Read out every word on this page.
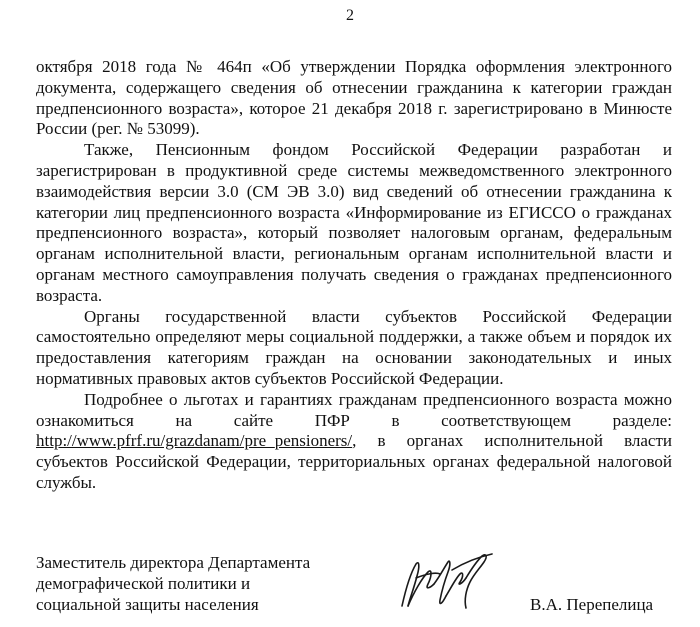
2

октября 2018 года № 464п «Об утверждении Порядка оформления электронного документа, содержащего сведения об отнесении гражданина к категории граждан предпенсионного возраста», которое 21 декабря 2018 г. зарегистрировано в Минюсте России (рег. № 53099).

Также, Пенсионным фондом Российской Федерации разработан и зарегистрирован в продуктивной среде системы межведомственного электронного взаимодействия версии 3.0 (СМ ЭВ 3.0) вид сведений об отнесении гражданина к категории лиц предпенсионного возраста «Информирование из ЕГИССО о гражданах предпенсионного возраста», который позволяет налоговым органам, федеральным органам исполнительной власти, региональным органам исполнительной власти и органам местного самоуправления получать сведения о гражданах предпенсионного возраста.

Органы государственной власти субъектов Российской Федерации самостоятельно определяют меры социальной поддержки, а также объем и порядок их предоставления категориям граждан на основании законодательных и иных нормативных правовых актов субъектов Российской Федерации.

Подробнее о льготах и гарантиях гражданам предпенсионного возраста можно ознакомиться на сайте ПФР в соответствующем разделе: http://www.pfrf.ru/grazdanam/pre_pensioners/, в органах исполнительной власти субъектов Российской Федерации, территориальных органах федеральной налоговой службы.

Заместитель директора Департамента
демографической политики и
социальной защиты населения	В.А. Перепелица
